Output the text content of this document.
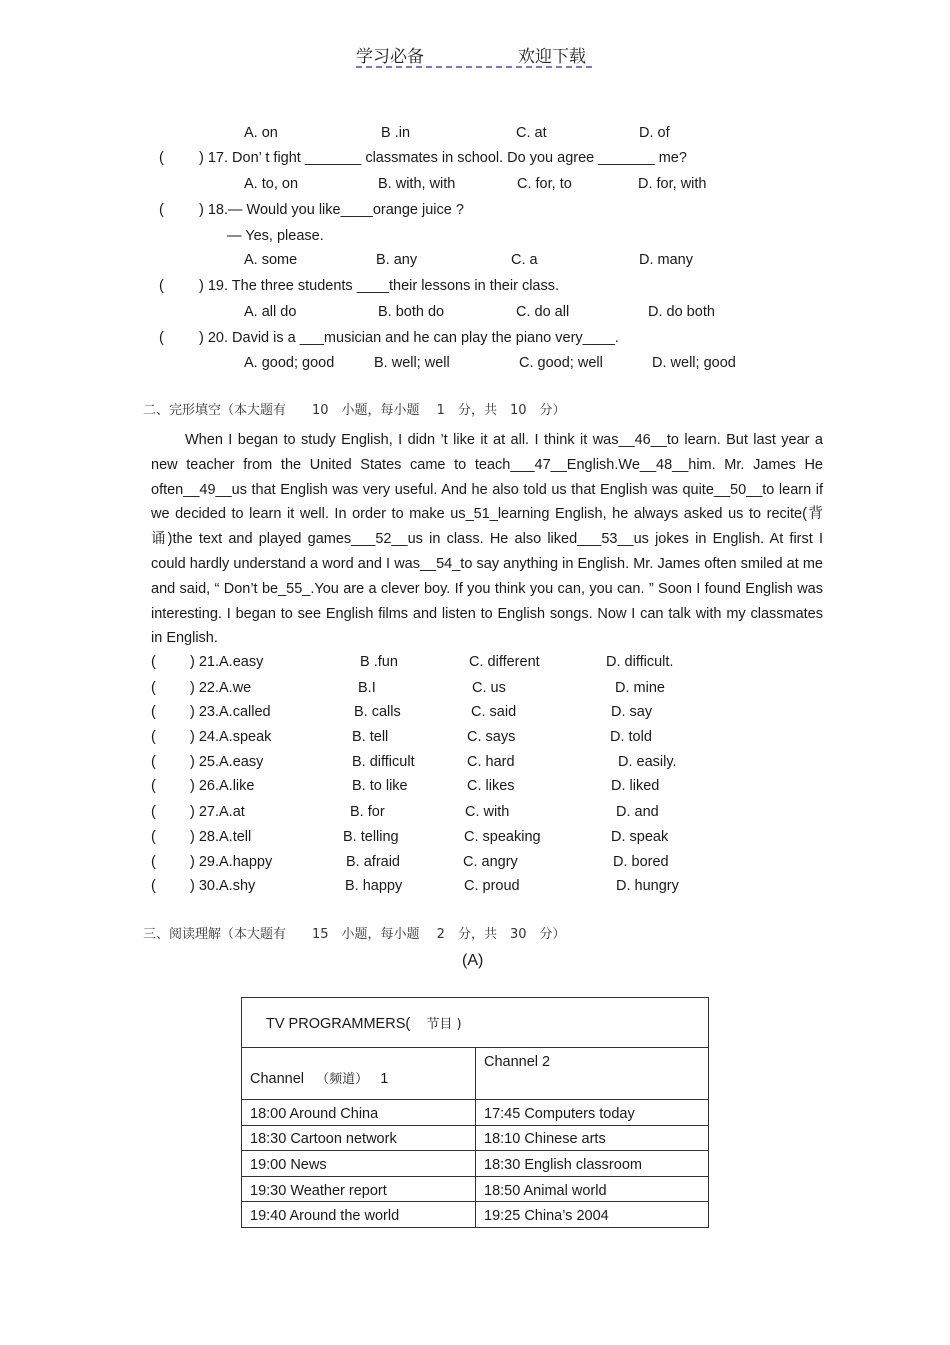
学习必备	欢迎下载
A. on	B .in	C. at	D. of
( ) 17. Don’ t fight _______ classmates in school. Do you agree _______ me?
A. to, on	B. with, with	C. for, to	D. for, with
( ) 18.— Would you like____orange juice ?
— Yes, please.
A. some	B. any	C. a	D. many
( ) 19. The three students ____their lessons in their class.
A. all do	B. both do	C. do all	D. do both
( ) 20. David is a ___musician and he can play the piano very____.
A. good; good	B. well; well	C. good; well	D. well; good
二、完形填空（本大题有　　10　小题，每小题　 1　分，共　10　分）

When I began to study English, I didn ’t like it at all. I think it was__46__to learn. But last year a new teacher from the United States came to teach___47__English.We__48__him. Mr. James He often__49__us that English was very useful. And he also told us that English was quite__50__to learn if we decided to learn it well. In order to make us_51_learning English, he always asked us to recite(背诵)the text and played games___52__us in class. He also liked___53__us jokes in English. At first I could hardly understand a word and I was__54_to say anything in English. Mr. James often smiled at me and said, “ Don’t be_55_.You are a clever boy. If you think you can, you can. ” Soon I found English was interesting. I began to see English films and listen to English songs. Now I can talk with my classmates in English.

( ) 21.A.easy	B .fun	C. different	D. difficult.
( ) 22.A.we	B.I	C. us	D. mine
( ) 23.A.called	B. calls	C. said	D. say
( ) 24.A.speak	B. tell	C. says	D. told
( ) 25.A.easy	B. difficult	C. hard	D. easily.
( ) 26.A.like	B. to like	C. likes	D. liked
( ) 27.A.at	B. for	C. with	D. and
( ) 28.A.tell	B. telling	C. speaking	D. speak
( ) 29.A.happy	B. afraid	C. angry	D. bored
( ) 30.A.shy	B. happy	C. proud	D. hungry
三、阅读理解（本大题有　　15　小题，每小题　 2　分，共　30　分）
(A)
TV PROGRAMMERS( 节目 )	
Channel （频道） 1	Channel 2
18:00 Around China	17:45 Computers today
18:30 Cartoon network	18:10 Chinese arts
19:00 News	18:30 English classroom
19:30 Weather report	18:50 Animal world
19:40 Around the world	19:25 China’s 2004
